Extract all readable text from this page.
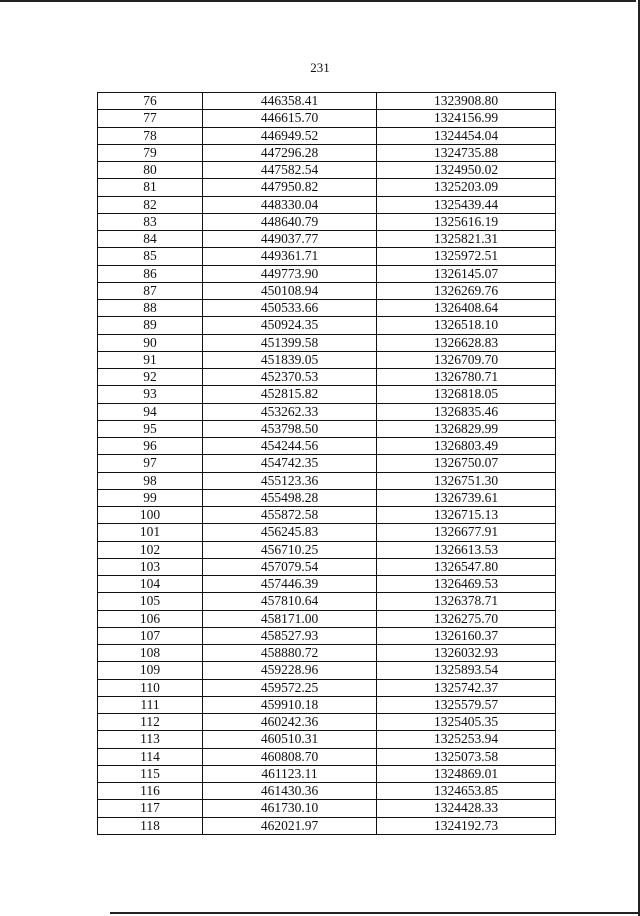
231
76	446358.41	1323908.80
77	446615.70	1324156.99
78	446949.52	1324454.04
79	447296.28	1324735.88
80	447582.54	1324950.02
81	447950.82	1325203.09
82	448330.04	1325439.44
83	448640.79	1325616.19
84	449037.77	1325821.31
85	449361.71	1325972.51
86	449773.90	1326145.07
87	450108.94	1326269.76
88	450533.66	1326408.64
89	450924.35	1326518.10
90	451399.58	1326628.83
91	451839.05	1326709.70
92	452370.53	1326780.71
93	452815.82	1326818.05
94	453262.33	1326835.46
95	453798.50	1326829.99
96	454244.56	1326803.49
97	454742.35	1326750.07
98	455123.36	1326751.30
99	455498.28	1326739.61
100	455872.58	1326715.13
101	456245.83	1326677.91
102	456710.25	1326613.53
103	457079.54	1326547.80
104	457446.39	1326469.53
105	457810.64	1326378.71
106	458171.00	1326275.70
107	458527.93	1326160.37
108	458880.72	1326032.93
109	459228.96	1325893.54
110	459572.25	1325742.37
111	459910.18	1325579.57
112	460242.36	1325405.35
113	460510.31	1325253.94
114	460808.70	1325073.58
115	461123.11	1324869.01
116	461430.36	1324653.85
117	461730.10	1324428.33
118	462021.97	1324192.73
